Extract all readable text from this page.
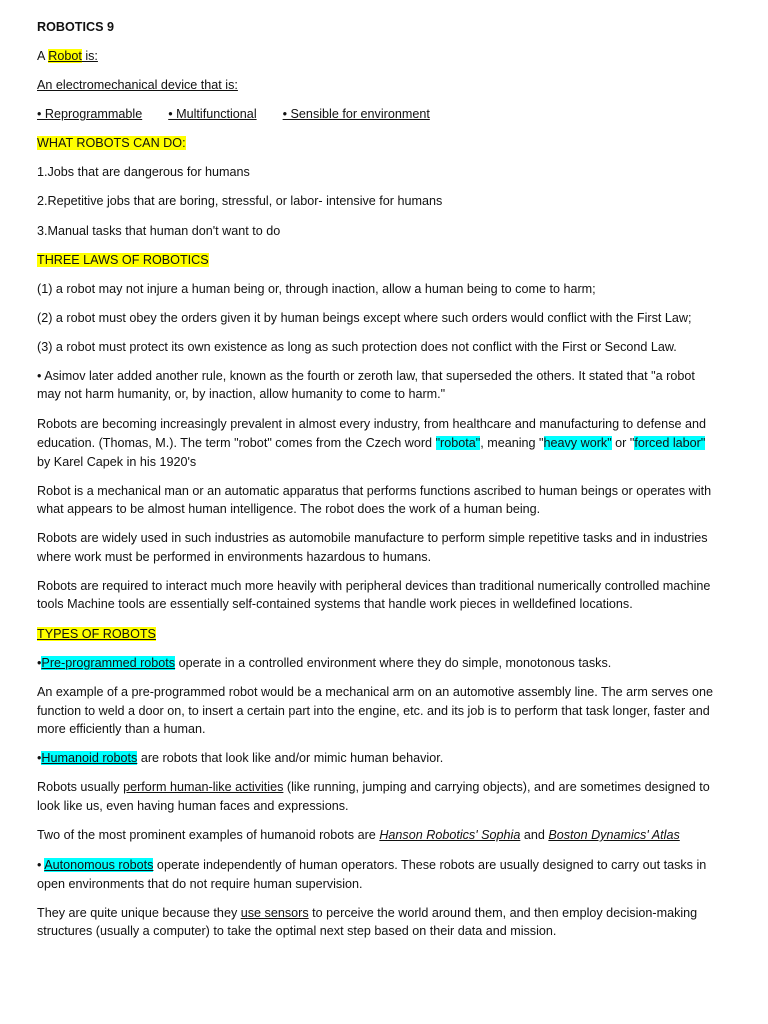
ROBOTICS 9
A Robot is:
An electromechanical device that is:
• Reprogrammable • Multifunctional • Sensible for environment
WHAT ROBOTS CAN DO:
1.Jobs that are dangerous for humans
2.Repetitive jobs that are boring, stressful, or labor- intensive for humans
3.Manual tasks that human don't want to do
THREE LAWS OF ROBOTICS
(1) a robot may not injure a human being or, through inaction, allow a human being to come to harm;
(2) a robot must obey the orders given it by human beings except where such orders would conflict with the First Law;
(3) a robot must protect its own existence as long as such protection does not conflict with the First or Second Law.
• Asimov later added another rule, known as the fourth or zeroth law, that superseded the others. It stated that "a robot
may not harm humanity, or, by inaction, allow humanity to come to harm."
Robots are becoming increasingly prevalent in almost every industry, from healthcare and manufacturing to defense and
education. (Thomas, M.). The term "robot" comes from the Czech word "robota", meaning "heavy work" or "forced labor"
by Karel Capek in his 1920's
Robot is a mechanical man or an automatic apparatus that performs functions ascribed to human beings or operates with
what appears to be almost human intelligence. The robot does the work of a human being.
Robots are widely used in such industries as automobile manufacture to perform simple repetitive tasks and in industries
where work must be performed in environments hazardous to humans.
Robots are required to interact much more heavily with peripheral devices than traditional numerically controlled machine
tools Machine tools are essentially self-contained systems that handle work pieces in welldefined locations.
TYPES OF ROBOTS
•Pre-programmed robots operate in a controlled environment where they do simple, monotonous tasks.
An example of a pre-programmed robot would be a mechanical arm on an automotive assembly line. The arm serves one
function to weld a door on, to insert a certain part into the engine, etc. and its job is to perform that task longer, faster and
more efficiently than a human.
•Humanoid robots are robots that look like and/or mimic human behavior.
Robots usually perform human-like activities (like running, jumping and carrying objects), and are sometimes designed to
look like us, even having human faces and expressions.
Two of the most prominent examples of humanoid robots are Hanson Robotics' Sophia and Boston Dynamics' Atlas
• Autonomous robots operate independently of human operators. These robots are usually designed to carry out tasks in
open environments that do not require human supervision.
They are quite unique because they use sensors to perceive the world around them, and then employ decision-making
structures (usually a computer) to take the optimal next step based on their data and mission.
